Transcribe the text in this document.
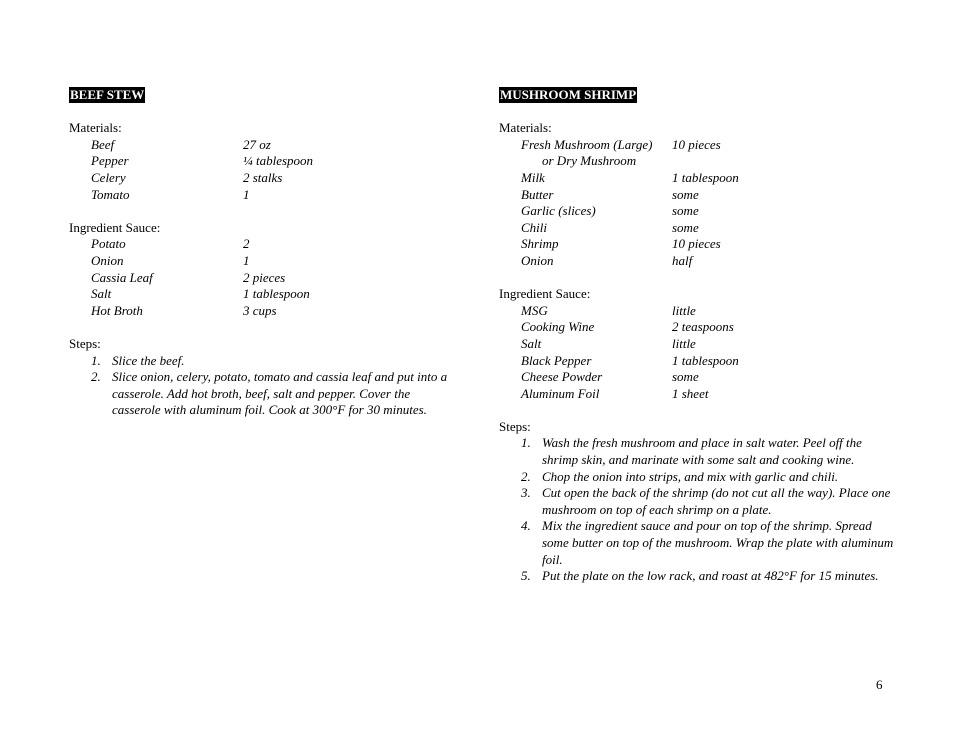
BEEF STEW
Materials:
Beef	27 oz
Pepper	¼ tablespoon
Celery	2 stalks
Tomato	1
Ingredient Sauce:
Potato	2
Onion	1
Cassia Leaf	2 pieces
Salt	1 tablespoon
Hot Broth	3 cups
Steps:
1. Slice the beef.
2. Slice onion, celery, potato, tomato and cassia leaf and put into a casserole. Add hot broth, beef, salt and pepper. Cover the casserole with aluminum foil. Cook at 300°F for 30 minutes.
MUSHROOM SHRIMP
Materials:
Fresh Mushroom (Large)	10 pieces
or Dry Mushroom
Milk	1 tablespoon
Butter	some
Garlic (slices)	some
Chili	some
Shrimp	10 pieces
Onion	half
Ingredient Sauce:
MSG	little
Cooking Wine	2 teaspoons
Salt	little
Black Pepper	1 tablespoon
Cheese Powder	some
Aluminum Foil	1 sheet
Steps:
1. Wash the fresh mushroom and place in salt water. Peel off the shrimp skin, and marinate with some salt and cooking wine.
2. Chop the onion into strips, and mix with garlic and chili.
3. Cut open the back of the shrimp (do not cut all the way). Place one mushroom on top of each shrimp on a plate.
4. Mix the ingredient sauce and pour on top of the shrimp. Spread some butter on top of the mushroom. Wrap the plate with aluminum foil.
5. Put the plate on the low rack, and roast at 482°F for 15 minutes.
6
